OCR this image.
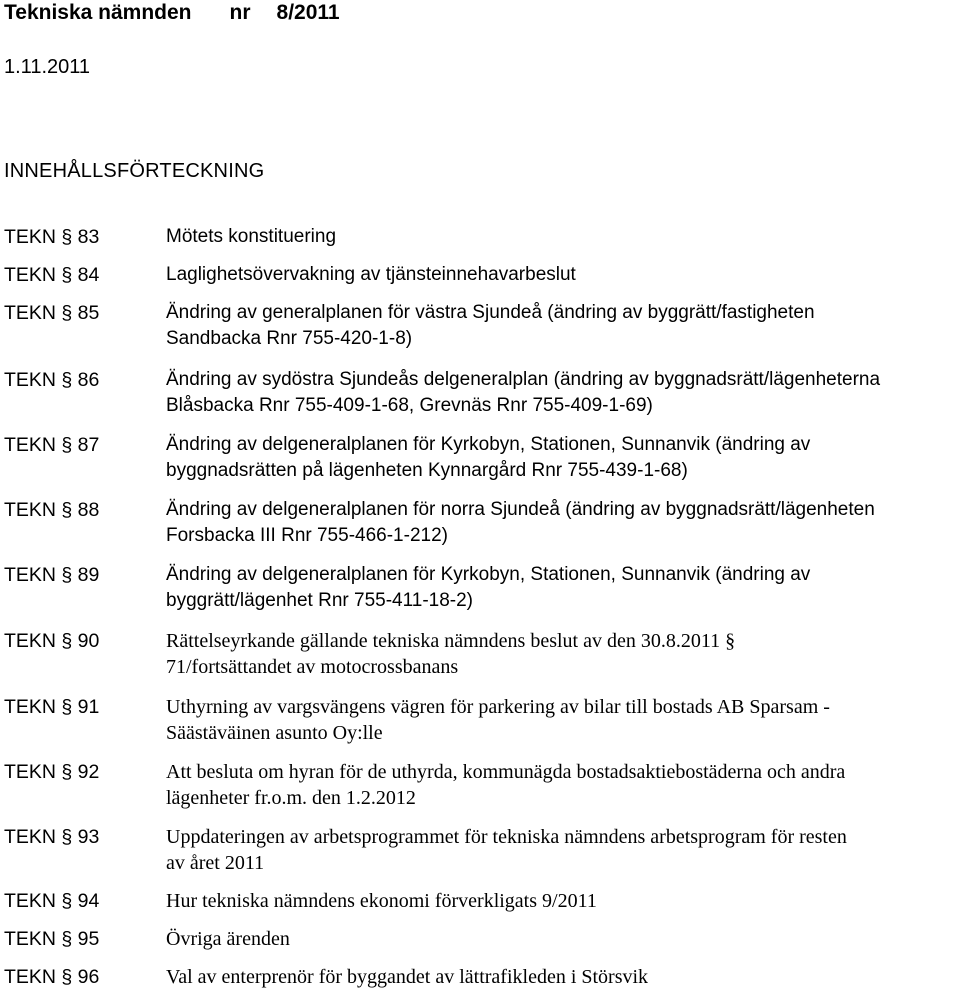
Tekniska nämnden nr 8/2011
1.11.2011
INNEHÅLLSFÖRTECKNING
TEKN § 83	Mötets konstituering
TEKN § 84	Laglighetsövervakning av tjänsteinnehavarbeslut
TEKN § 85	Ändring av generalplanen för västra Sjundeå (ändring av byggrätt/fastigheten
Sandbacka Rnr 755-420-1-8)
TEKN § 86	Ändring av sydöstra Sjundeås delgeneralplan (ändring av byggnadsrätt/lägenheterna
Blåsbacka Rnr 755-409-1-68, Grevnäs Rnr 755-409-1-69)
TEKN § 87	Ändring av delgeneralplanen för Kyrkobyn, Stationen, Sunnanvik (ändring av
byggnadsrätten på lägenheten Kynnargård Rnr 755-439-1-68)
TEKN § 88	Ändring av delgeneralplanen för norra Sjundeå (ändring av byggnadsrätt/lägenheten
Forsbacka III Rnr 755-466-1-212)
TEKN § 89	Ändring av delgeneralplanen för Kyrkobyn, Stationen, Sunnanvik (ändring av
byggrätt/lägenhet Rnr 755-411-18-2)
TEKN § 90	Rättelseyrkande gällande tekniska nämndens beslut av den 30.8.2011 §
71/fortsättandet av motocrossbanans
TEKN § 91	Uthyrning av vargsvängens vägren för parkering av bilar till bostads AB Sparsam -
Säästäväinen asunto Oy:lle
TEKN § 92	Att besluta om hyran för de uthyrda, kommunägda bostadsaktiebostäderna och andra
lägenheter fr.o.m. den 1.2.2012
TEKN § 93	Uppdateringen av arbetsprogrammet för tekniska nämndens arbetsprogram för resten
av året 2011
TEKN § 94	Hur tekniska nämndens ekonomi förverkligats 9/2011
TEKN § 95	Övriga ärenden
TEKN § 96	Val av enterprenör för byggandet av lättrafikleden i Störsvik
